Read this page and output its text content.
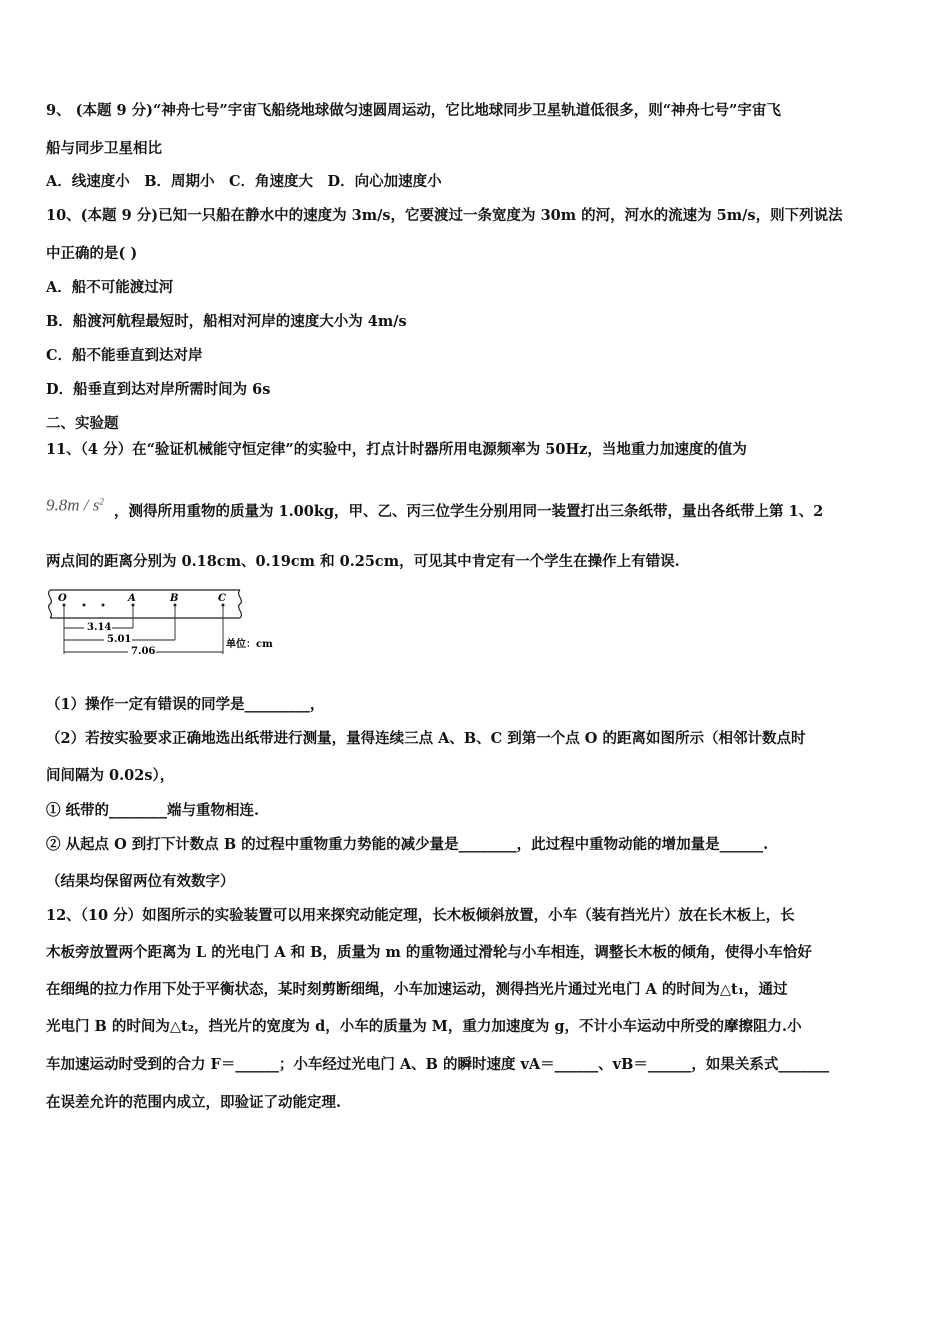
9、 (本题 9 分)“神舟七号”宇宙飞船绕地球做匀速圆周运动，它比地球同步卫星轨道低很多，则“神舟七号”宇宙飞
船与同步卫星相比
A．线速度小　B．周期小　C．角速度大　D．向心加速度小
10、(本题 9 分)已知一只船在静水中的速度为 3m/s，它要渡过一条宽度为 30m 的河，河水的流速为 5m/s，则下列说法
中正确的是( )
A．船不可能渡过河
B．船渡河航程最短时，船相对河岸的速度大小为 4m/s
C．船不能垂直到达对岸
D．船垂直到达对岸所需时间为 6s
二、实验题
11、（4 分）在“验证机械能守恒定律”的实验中，打点计时器所用电源频率为 50Hz，当地重力加速度的值为
$9.8m / s^2$
，测得所用重物的质量为 1.00kg，甲、乙、丙三位学生分别用同一装置打出三条纸带，量出各纸带上第 1、2
两点间的距离分别为 0.18cm、0.19cm 和 0.25cm，可见其中肯定有一个学生在操作上有错误.
O	A	B	C
3.14
5.01
7.06
单位：cm
（1）操作一定有错误的同学是_________，
（2）若按实验要求正确地选出纸带进行测量，量得连续三点 A、B、C 到第一个点 O 的距离如图所示（相邻计数点时
间间隔为 0.02s），
① 纸带的________端与重物相连.
② 从起点 O 到打下计数点 B 的过程中重物重力势能的减少量是________，此过程中重物动能的增加量是______.
（结果均保留两位有效数字）
12、（10 分）如图所示的实验装置可以用来探究动能定理，长木板倾斜放置，小车（装有挡光片）放在长木板上，长
木板旁放置两个距离为 L 的光电门 A 和 B，质量为 m 的重物通过滑轮与小车相连，调整长木板的倾角，使得小车恰好
在细绳的拉力作用下处于平衡状态，某时刻剪断细绳，小车加速运动，测得挡光片通过光电门 A 的时间为△t₁，通过
光电门 B 的时间为△t₂，挡光片的宽度为 d，小车的质量为 M，重力加速度为 g，不计小车运动中所受的摩擦阻力.小
车加速运动时受到的合力 F＝______；小车经过光电门 A、B 的瞬时速度 vA＝______、vB＝______，如果关系式_______
在误差允许的范围内成立，即验证了动能定理.
